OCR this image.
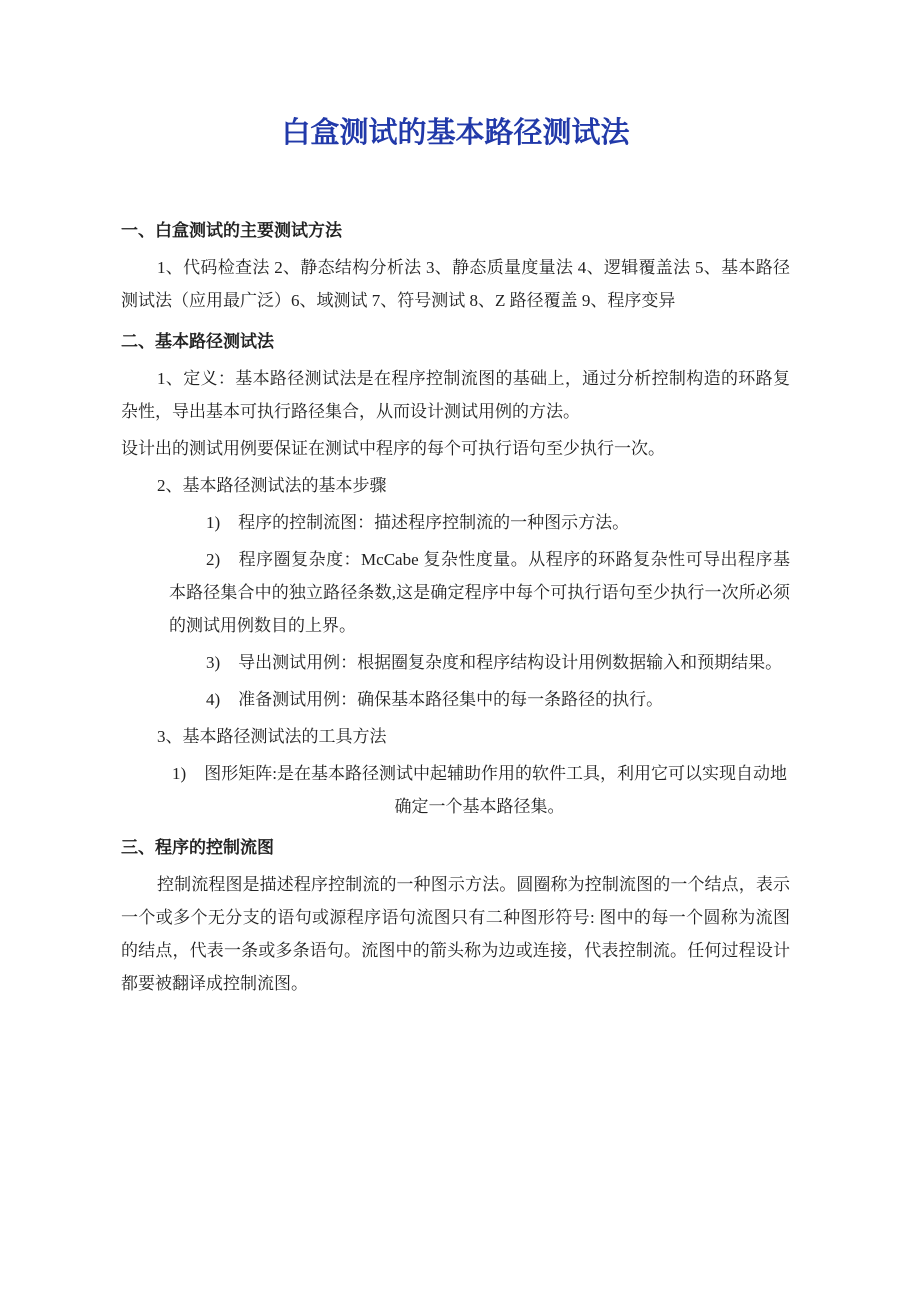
白盒测试的基本路径测试法
一、白盒测试的主要测试方法

1、代码检查法 2、静态结构分析法 3、静态质量度量法 4、逻辑覆盖法 5、基本路径测试法（应用最广泛）6、域测试 7、符号测试 8、Z 路径覆盖 9、程序变异

二、基本路径测试法

1、定义：基本路径测试法是在程序控制流图的基础上，通过分析控制构造的环路复杂性，导出基本可执行路径集合，从而设计测试用例的方法。

设计出的测试用例要保证在测试中程序的每个可执行语句至少执行一次。

2、基本路径测试法的基本步骤

1) 程序的控制流图：描述程序控制流的一种图示方法。

2) 程序圈复杂度：McCabe 复杂性度量。从程序的环路复杂性可导出程序基本路径集合中的独立路径条数,这是确定程序中每个可执行语句至少执行一次所必须的测试用例数目的上界。

3) 导出测试用例：根据圈复杂度和程序结构设计用例数据输入和预期结果。

4) 准备测试用例：确保基本路径集中的每一条路径的执行。

3、基本路径测试法的工具方法

1) 图形矩阵:是在基本路径测试中起辅助作用的软件工具，利用它可以实现自动地确定一个基本路径集。

三、程序的控制流图

控制流程图是描述程序控制流的一种图示方法。圆圈称为控制流图的一个结点，表示一个或多个无分支的语句或源程序语句流图只有二种图形符号: 图中的每一个圆称为流图的结点，代表一条或多条语句。流图中的箭头称为边或连接，代表控制流。任何过程设计都要被翻译成控制流图。
